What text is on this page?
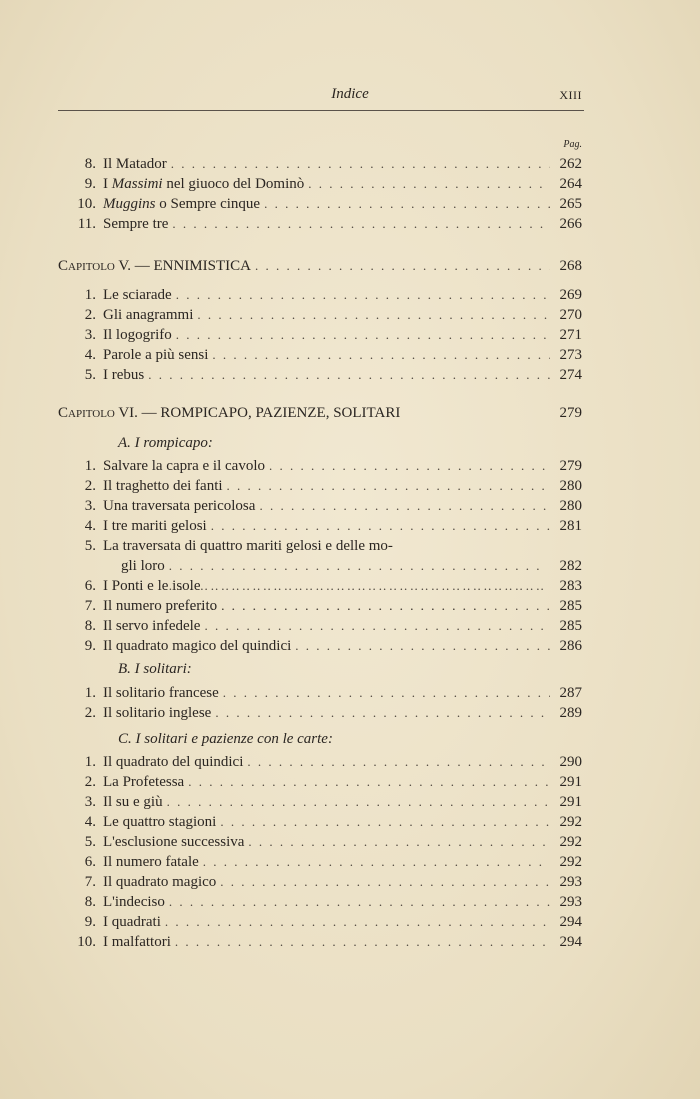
Indice	XIII
Pag.
8. Il Matador . . .	262
9. I Massimi nel giuoco del Dominò . . .	264
10. Muggins o Sempre cinque . . .	265
11. Sempre tre . . .	266
Capitolo V. — ENNIMISTICA . . .	268
1. Le sciarade . . .	269
2. Gli anagrammi . . .	270
3. Il logogrifo . . .	271
4. Parole a più sensi . . .	273
5. I rebus . . .	274
Capitolo VI. — ROMPICAPO, PAZIENZE, SOLITARI	279
A. I rompicapo:
1. Salvare la capra e il cavolo . . .	279
2. Il traghetto dei fanti . . .	280
3. Una traversata pericolosa . . .	280
4. I tre mariti gelosi . . .	281
5. La traversata di quattro mariti gelosi e delle mo-
gli loro . . .	282
6. I Ponti e le isole . . .	283
7. Il numero preferito . . .	285
8. Il servo infedele . . .	285
9. Il quadrato magico del quindici . . .	286
B. I solitari:
1. Il solitario francese . . .	287
2. Il solitario inglese . . .	289
C. I solitari e pazienze con le carte:
1. Il quadrato del quindici . . .	290
2. La Profetessa . . .	291
3. Il su e giù . . .	291
4. Le quattro stagioni . . .	292
5. L'esclusione successiva . . .	292
6. Il numero fatale . . .	292
7. Il quadrato magico . . .	293
8. L'indeciso . . .	293
9. I quadrati . . .	294
10. I malfattori . . .	294
